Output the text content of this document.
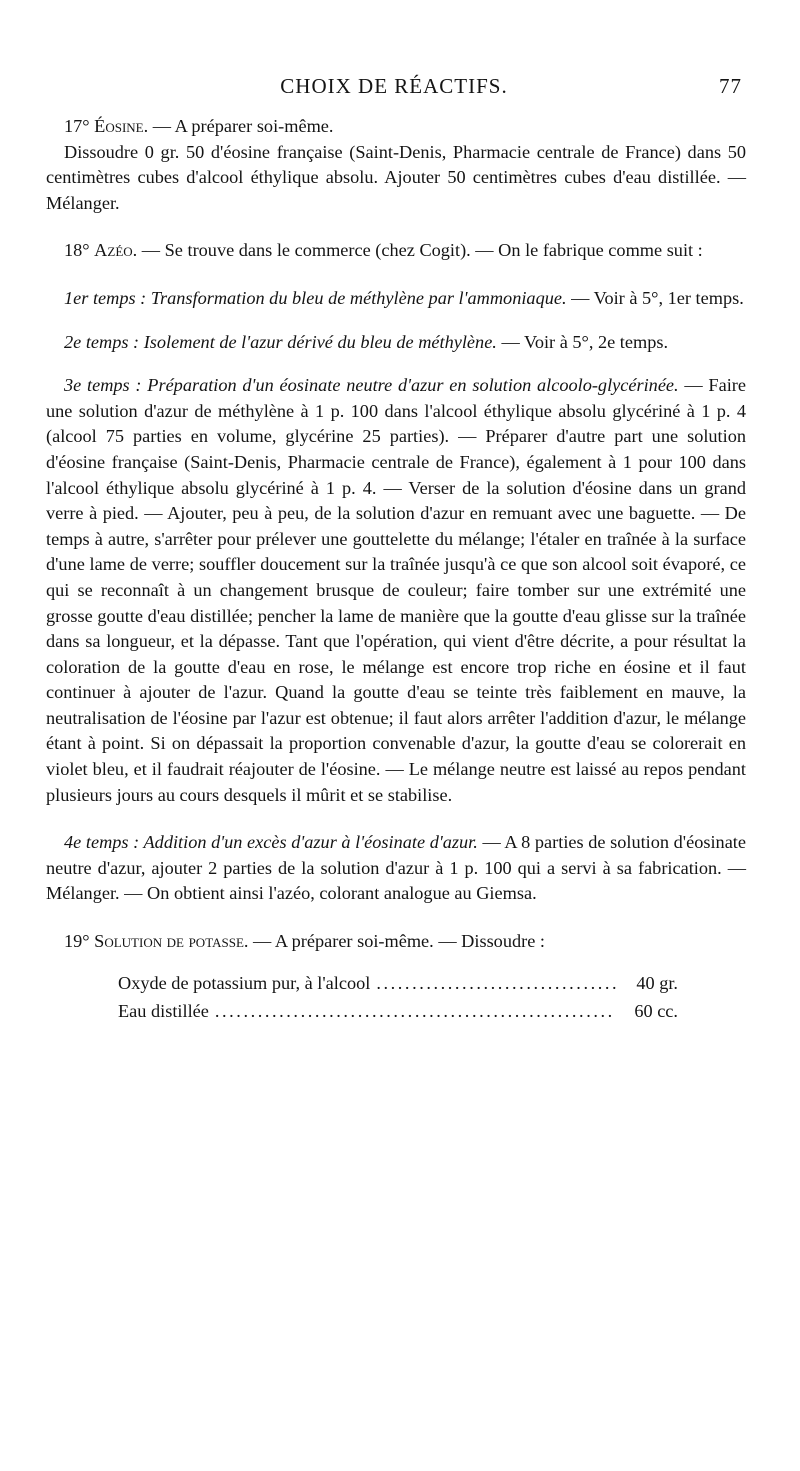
CHOIX DE RÉACTIFS.	77

17° Éosine. — A préparer soi-même.

Dissoudre 0 gr. 50 d'éosine française (Saint-Denis, Pharmacie centrale de France) dans 50 centimètres cubes d'alcool éthylique absolu. Ajouter 50 centimètres cubes d'eau distillée. — Mélanger.

18° Azéo. — Se trouve dans le commerce (chez Cogit). — On le fabrique comme suit :

1er temps : Transformation du bleu de méthylène par l'ammoniaque. — Voir à 5°, 1er temps.

2e temps : Isolement de l'azur dérivé du bleu de méthylène. — Voir à 5°, 2e temps.

3e temps : Préparation d'un éosinate neutre d'azur en solution alcoolo-glycérinée. — Faire une solution d'azur de méthylène à 1 p. 100 dans l'alcool éthylique absolu glycériné à 1 p. 4 (alcool 75 parties en volume, glycérine 25 parties). — Préparer d'autre part une solution d'éosine française (Saint-Denis, Pharmacie centrale de France), également à 1 pour 100 dans l'alcool éthylique absolu glycériné à 1 p. 4. — Verser de la solution d'éosine dans un grand verre à pied. — Ajouter, peu à peu, de la solution d'azur en remuant avec une baguette. — De temps à autre, s'arrêter pour prélever une gouttelette du mélange; l'étaler en traînée à la surface d'une lame de verre; souffler doucement sur la traînée jusqu'à ce que son alcool soit évaporé, ce qui se reconnaît à un changement brusque de couleur; faire tomber sur une extrémité une grosse goutte d'eau distillée; pencher la lame de manière que la goutte d'eau glisse sur la traînée dans sa longueur, et la dépasse. Tant que l'opération, qui vient d'être décrite, a pour résultat la coloration de la goutte d'eau en rose, le mélange est encore trop riche en éosine et il faut continuer à ajouter de l'azur. Quand la goutte d'eau se teinte très faiblement en mauve, la neutralisation de l'éosine par l'azur est obtenue; il faut alors arrêter l'addition d'azur, le mélange étant à point. Si on dépassait la proportion convenable d'azur, la goutte d'eau se colorerait en violet bleu, et il faudrait réajouter de l'éosine. — Le mélange neutre est laissé au repos pendant plusieurs jours au cours desquels il mûrit et se stabilise.

4e temps : Addition d'un excès d'azur à l'éosinate d'azur. — A 8 parties de solution d'éosinate neutre d'azur, ajouter 2 parties de la solution d'azur à 1 p. 100 qui a servi à sa fabrication. — Mélanger. — On obtient ainsi l'azéo, colorant analogue au Giemsa.

19° Solution de potasse. — A préparer soi-même. — Dissoudre :

Oxyde de potassium pur, à l'alcool . . .	40 gr.
Eau distillée . . .	60 cc.
